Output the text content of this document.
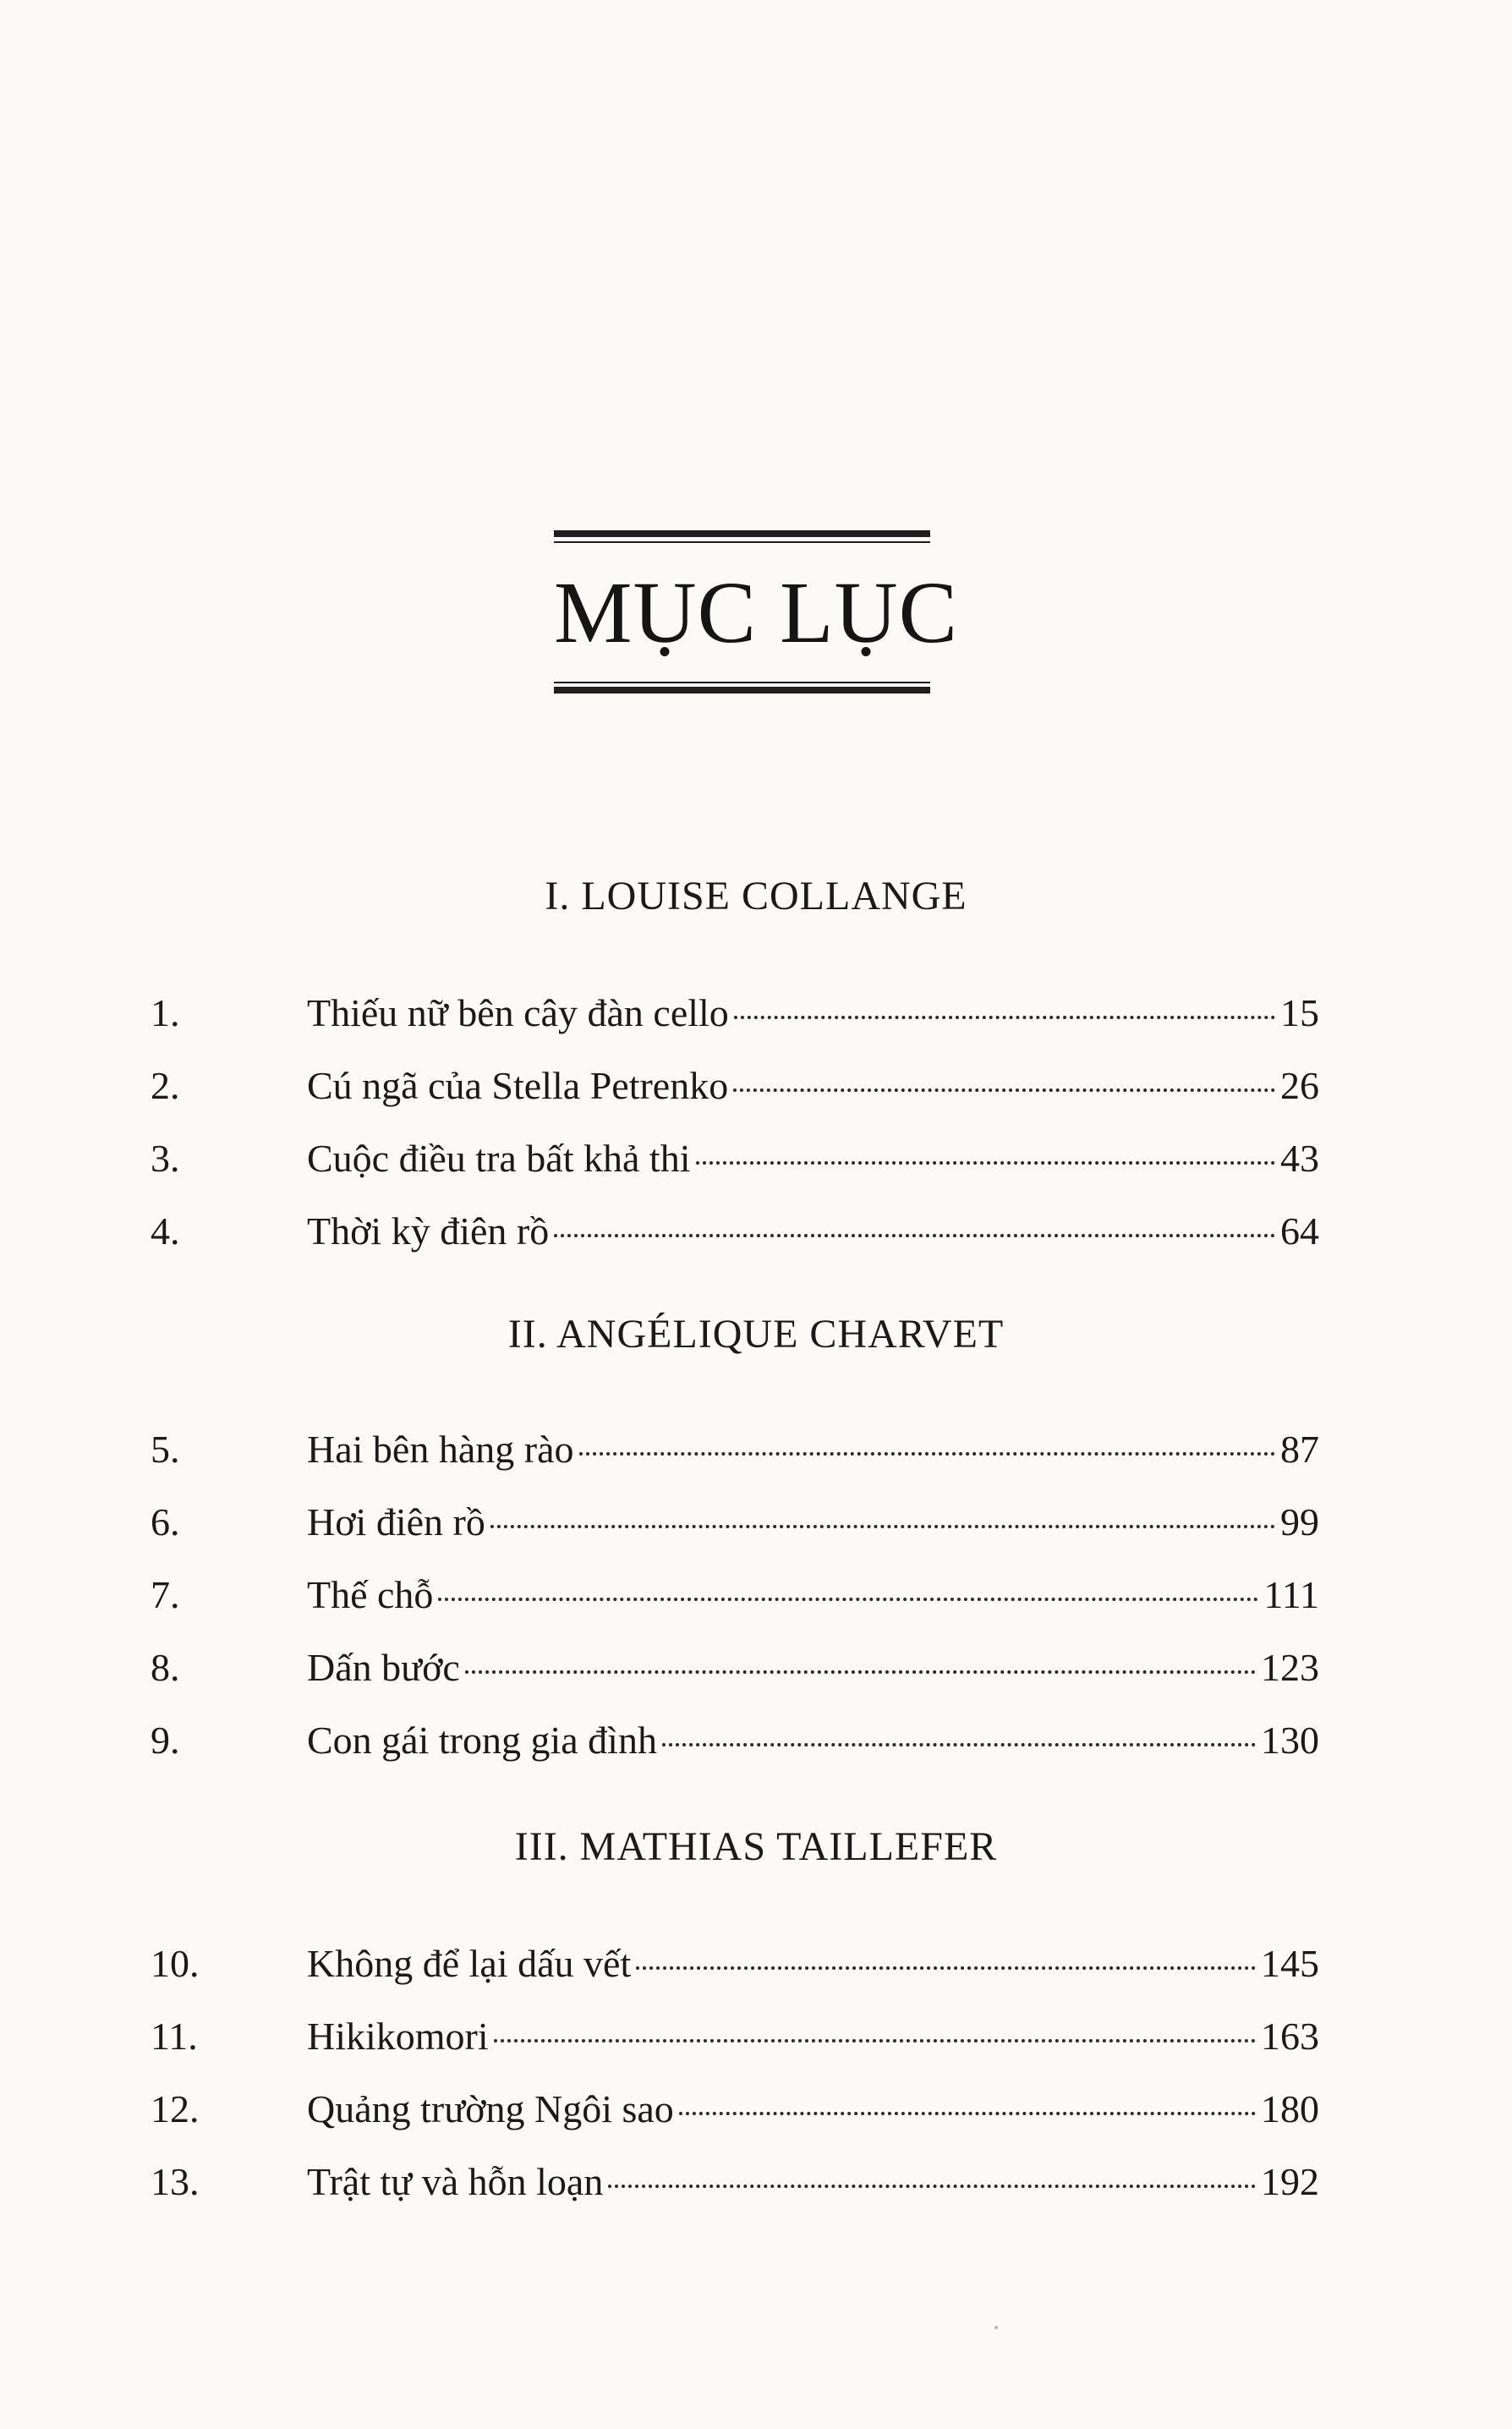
MỤC LỤC
I. LOUISE COLLANGE
1.	Thiếu nữ bên cây đàn cello	15
2.	Cú ngã của Stella Petrenko	26
3.	Cuộc điều tra bất khả thi	43
4.	Thời kỳ điên rồ	64
II. ANGÉLIQUE CHARVET
5.	Hai bên hàng rào	87
6.	Hơi điên rồ	99
7.	Thế chỗ	111
8.	Dấn bước	123
9.	Con gái trong gia đình	130
III. MATHIAS TAILLEFER
10.	Không để lại dấu vết	145
11.	Hikikomori	163
12.	Quảng trường Ngôi sao	180
13.	Trật tự và hỗn loạn	192
